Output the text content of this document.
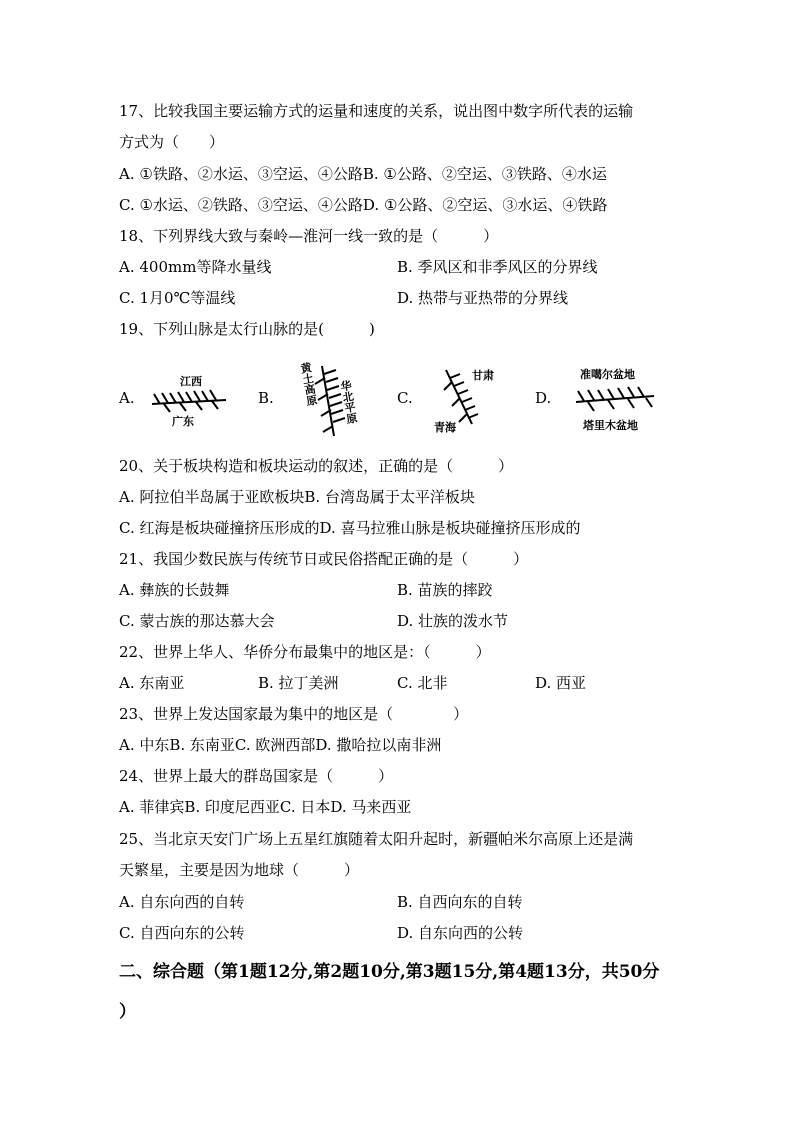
17、比较我国主要运输方式的运量和速度的关系，说出图中数字所代表的运输
方式为（　　）
A. ①铁路、②水运、③空运、④公路B. ①公路、②空运、③铁路、④水运
C. ①水运、②铁路、③空运、④公路D. ①公路、②空运、③水运、④铁路
18、下列界线大致与秦岭—淮河一线一致的是（　　　）
A. 400mm等降水量线	B. 季风区和非季风区的分界线
C. 1月0℃等温线	D. 热带与亚热带的分界线
19、下列山脉是太行山脉的是(　　　)
A.
江西
广东
B. 黄土高原 华北平原	C.
甘肃
青海
D.
准噶尔盆地
塔里木盆地
20、关于板块构造和板块运动的叙述，正确的是（　　　）
A. 阿拉伯半岛属于亚欧板块B. 台湾岛属于太平洋板块
C. 红海是板块碰撞挤压形成的D. 喜马拉雅山脉是板块碰撞挤压形成的
21、我国少数民族与传统节日或民俗搭配正确的是（　　　）
A. 彝族的长鼓舞	B. 苗族的摔跤
C. 蒙古族的那达慕大会	D. 壮族的泼水节
22、世界上华人、华侨分布最集中的地区是：（　　　）
A. 东南亚	B. 拉丁美洲	C. 北非	D. 西亚
23、世界上发达国家最为集中的地区是（　　　　）
A. 中东B. 东南亚C. 欧洲西部D. 撒哈拉以南非洲
24、世界上最大的群岛国家是（　　　）
A. 菲律宾B. 印度尼西亚C. 日本D. 马来西亚
25、当北京天安门广场上五星红旗随着太阳升起时，新疆帕米尔高原上还是满
天繁星，主要是因为地球（　　　）
A. 自东向西的自转	B. 自西向东的自转
C. 自西向东的公转	D. 自东向西的公转
二、综合题（第1题12分,第2题10分,第3题15分,第4题13分，共50分
）
